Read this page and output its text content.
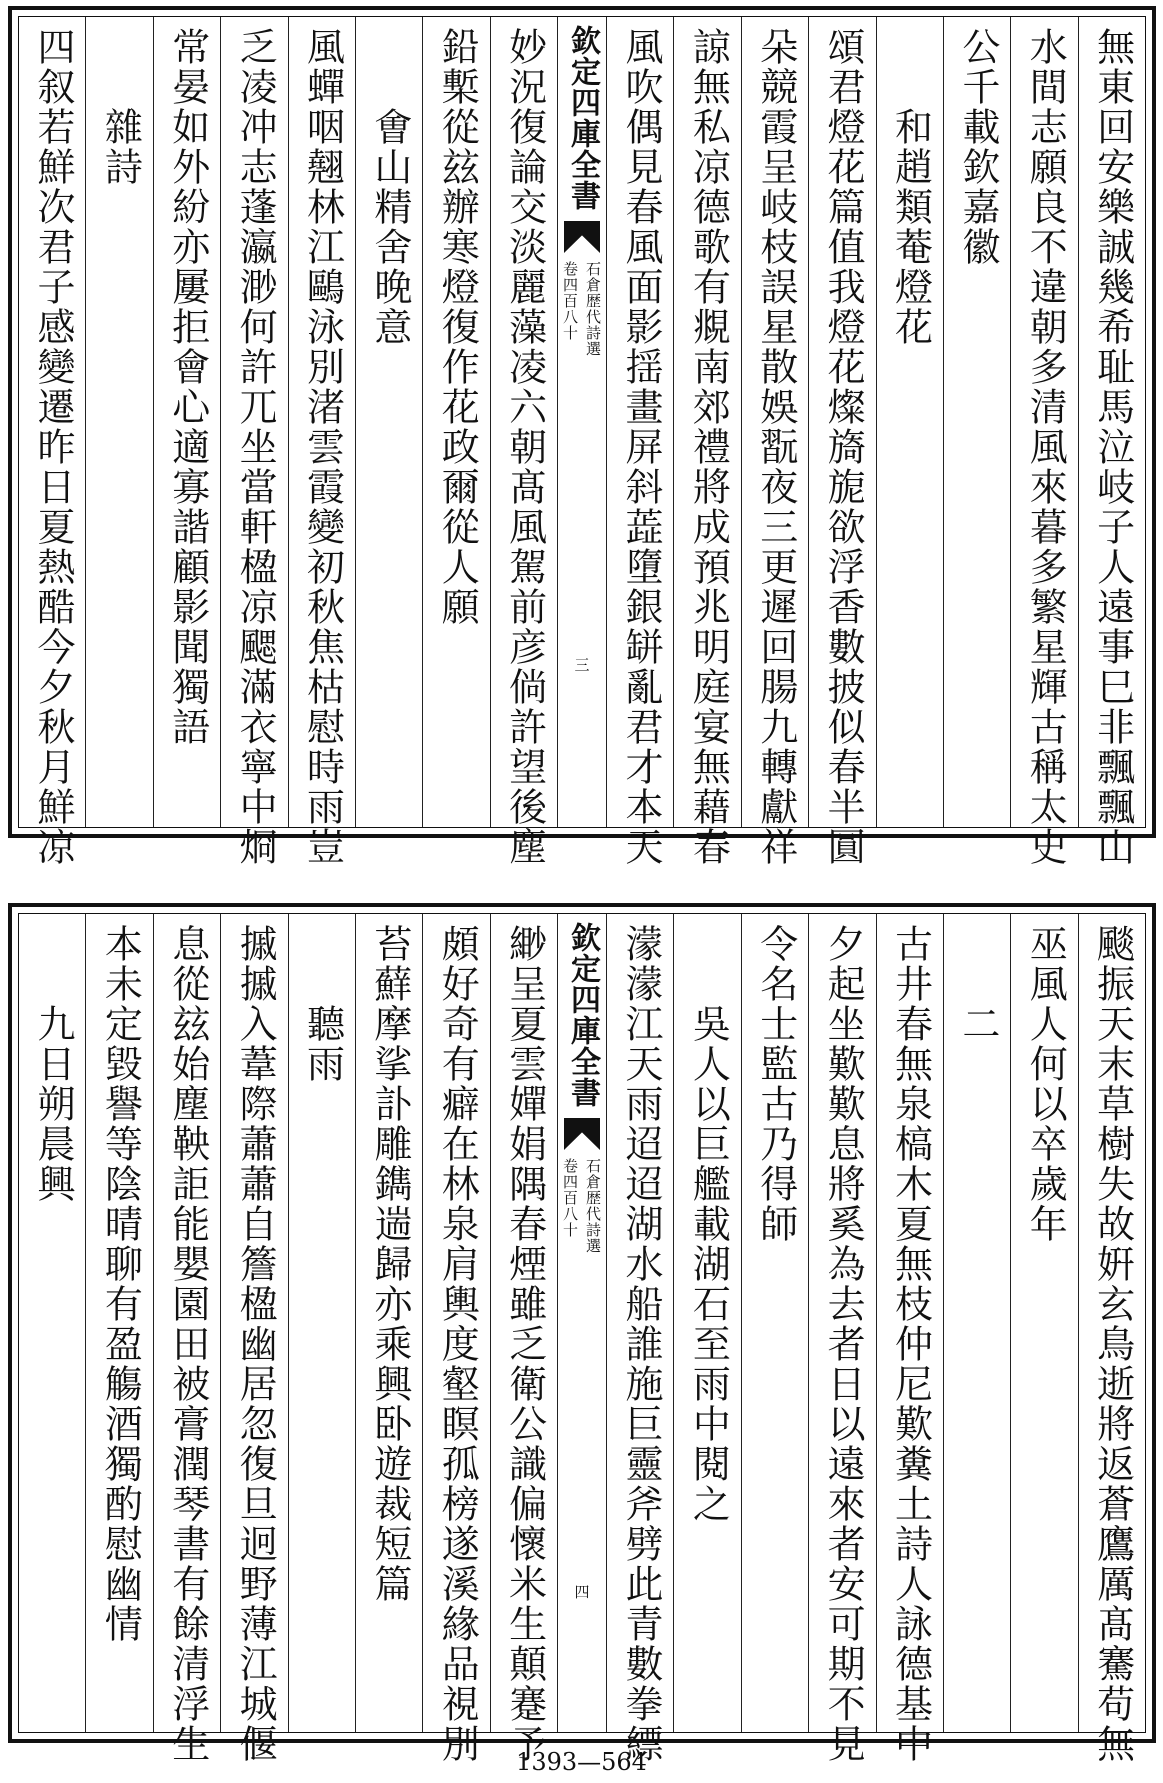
無東回安樂誠幾希耻馬泣岐子人遠事巳非飄飄山
水間志願良不違朝多清風來暮多繁星輝古稱太史
公千載欽嘉徽
　　和趙類菴燈花
頌君燈花篇值我燈花燦旖旎欲浮香數披似春半圓
朵競霞呈岐枝誤星散娛翫夜三更遲回腸九轉獻祥
諒無私凉德歌有覜南郊禮將成預兆明庭宴無藉春
風吹偶見春風面影揺畫屏斜蕋墮銀缾亂君才本天
欽定四庫全書
石倉歴代詩選
卷四百八十
三
妙況復論交淡麗藻凌六朝髙風駕前彦倘許望後塵
鉛槧從玆辦寒燈復作花政爾從人願
　　㑹山精舍晚意
風蟬咽翹林江鷗泳別渚雲霞變初秋焦枯慰時雨豈
乏凌冲志蓬瀛渺何許兀坐當軒楹凉颸滿衣寧中烱
常晏如外紛亦屢拒會心適寡諧顧影聞獨語
　　雜詩
四叙若鮮次君子感變遷昨日夏熱酷今夕秋月鮮凉
颷振天末草樹失故姸玄鳥逝將返蒼鷹厲髙騫苟無
巫風人何以卒歲年
　　二
古井春無泉槁木夏無枝仲尼歎糞土詩人詠德基中
夕起坐歎歎息將奚為去者日以遠來者安可期不見
令名士監古乃得師
　　吳人以巨艦載湖石至雨中閱之
濛濛江天雨迢迢湖水船誰施巨靈斧劈此青數拳縹
欽定四庫全書
石倉歴代詩選
卷四百八十
四
緲呈夏雲嬋娟隅春煙雖乏衛公識偏懷米生顛蹇予
頗好奇有癖在林泉肩輿度壑瞑孤榜遂溪緣品視別
苔蘚摩挲訃雕鐫遄歸亦乘興卧遊裁短篇
　　聽雨
摵摵入葦際蕭蕭自簷楹幽居忽復旦迥野薄江城偃
息從玆始塵鞅詎能嬰園田被膏潤琴書有餘清浮生
本未定毀譽等陰晴聊有盈觴酒獨酌慰幽情
　　九日朔晨興
1393—564
